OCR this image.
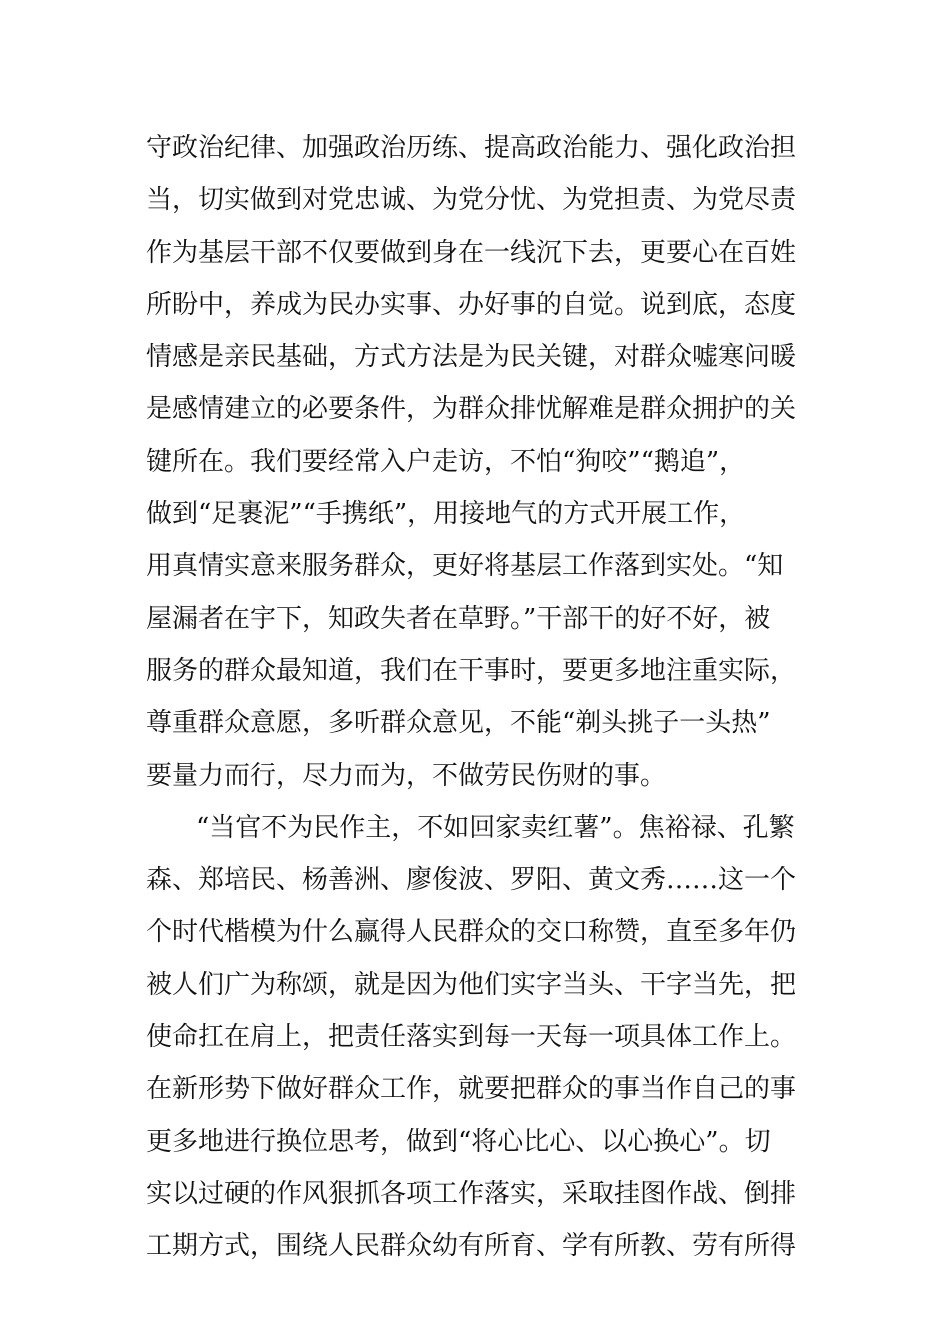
守政治纪律、加强政治历练、提高政治能力、强化政治担

当，切实做到对党忠诚、为党分忧、为党担责、为党尽责

作为基层干部不仅要做到身在一线沉下去，更要心在百姓

所盼中，养成为民办实事、办好事的自觉。说到底，态度

情感是亲民基础，方式方法是为民关键，对群众嘘寒问暖

是感情建立的必要条件，为群众排忧解难是群众拥护的关

键所在。我们要经常入户走访，不怕“狗咬”“鹅追”，

做到“足裹泥”“手携纸”，用接地气的方式开展工作，

用真情实意来服务群众，更好将基层工作落到实处。“知

屋漏者在宇下，知政失者在草野。”干部干的好不好，被

服务的群众最知道，我们在干事时，要更多地注重实际，

尊重群众意愿，多听群众意见，不能“剃头挑子一头热”

要量力而行，尽力而为，不做劳民伤财的事。

“当官不为民作主，不如回家卖红薯”。焦裕禄、孔繁

森、郑培民、杨善洲、廖俊波、罗阳、黄文秀……这一个

个时代楷模为什么赢得人民群众的交口称赞，直至多年仍

被人们广为称颂，就是因为他们实字当头、干字当先，把

使命扛在肩上，把责任落实到每一天每一项具体工作上。

在新形势下做好群众工作，就要把群众的事当作自己的事

更多地进行换位思考，做到“将心比心、以心换心”。切

实以过硬的作风狠抓各项工作落实，采取挂图作战、倒排

工期方式，围绕人民群众幼有所育、学有所教、劳有所得
